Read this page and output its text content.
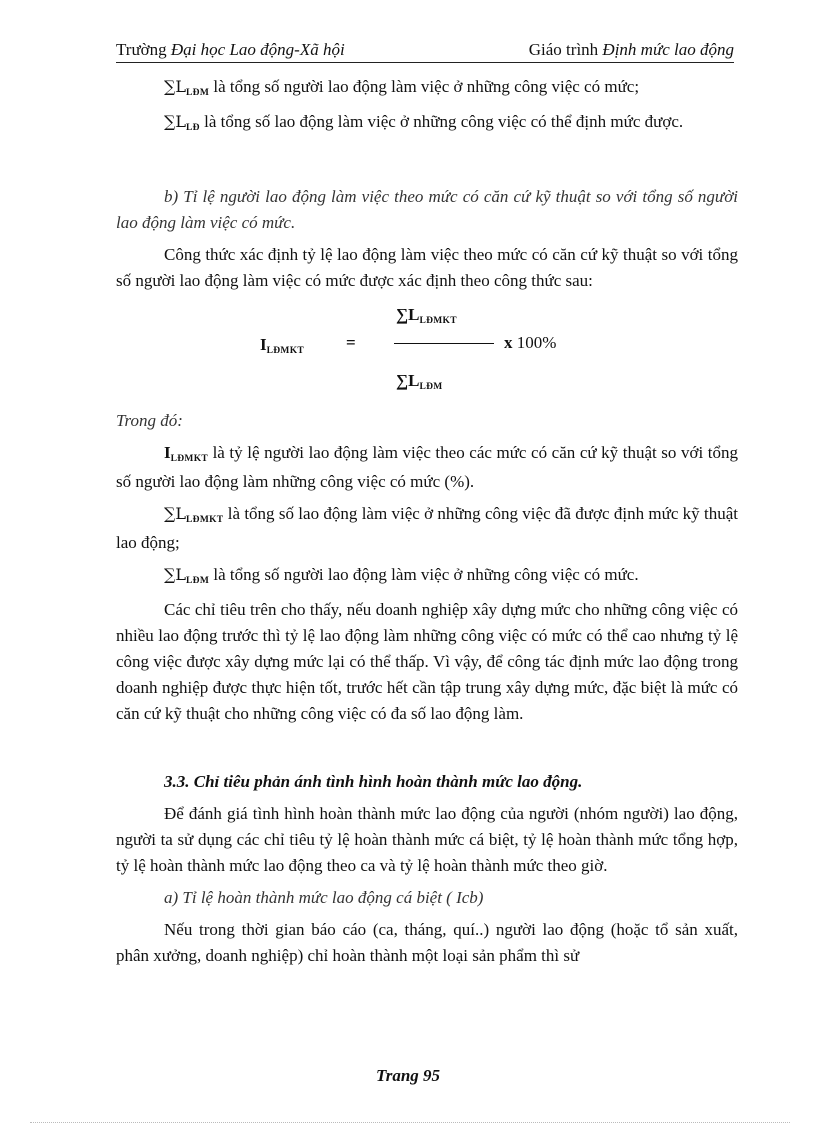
Trường Đại học Lao động-Xã hội	Giáo trình Định mức lao động

∑LLĐM là tổng số người lao động làm việc ở những công việc có mức;

∑LLĐ là tổng số lao động làm việc ở những công việc có thể định mức được.

b) Tỉ lệ người lao động làm việc theo mức có căn cứ kỹ thuật so với tổng số người lao động làm việc có mức.

Công thức xác định tỷ lệ lao động làm việc theo mức có căn cứ kỹ thuật so với tổng số người lao động làm việc có mức được xác định theo công thức sau:

∑LLĐMKT
x 100%
ILĐMKT =
∑LLĐM

Trong đó:

ILĐMKT là tỷ lệ người lao động làm việc theo các mức có căn cứ kỹ thuật so với tổng số người lao động làm những công việc có mức (%).

∑LLĐMKT là tổng số lao động làm việc ở những công việc đã được định mức kỹ thuật lao động;

∑LLĐM là tổng số người lao động làm việc ở những công việc có mức.

Các chỉ tiêu trên cho thấy, nếu doanh nghiệp xây dựng mức cho những công việc có nhiều lao động trước thì tỷ lệ lao động làm những công việc có mức có thể cao nhưng tỷ lệ công việc được xây dựng mức lại có thể thấp. Vì vậy, để công tác định mức lao động trong doanh nghiệp được thực hiện tốt, trước hết cần tập trung xây dựng mức, đặc biệt là mức có căn cứ kỹ thuật cho những công việc có đa số lao động làm.

3.3. Chỉ tiêu phản ánh tình hình hoàn thành mức lao động.

Để đánh giá tình hình hoàn thành mức lao động của người (nhóm người) lao động, người ta sử dụng các chỉ tiêu tỷ lệ hoàn thành mức cá biệt, tỷ lệ hoàn thành mức tổng hợp, tỷ lệ hoàn thành mức lao động theo ca và tỷ lệ hoàn thành mức theo giờ.

a) Tỉ lệ hoàn thành mức lao động cá biệt ( Icb)

Nếu trong thời gian báo cáo (ca, tháng, quí..) người lao động (hoặc tổ sản xuất, phân xưởng, doanh nghiệp) chỉ hoàn thành một loại sản phẩm thì sử

Trang 95
